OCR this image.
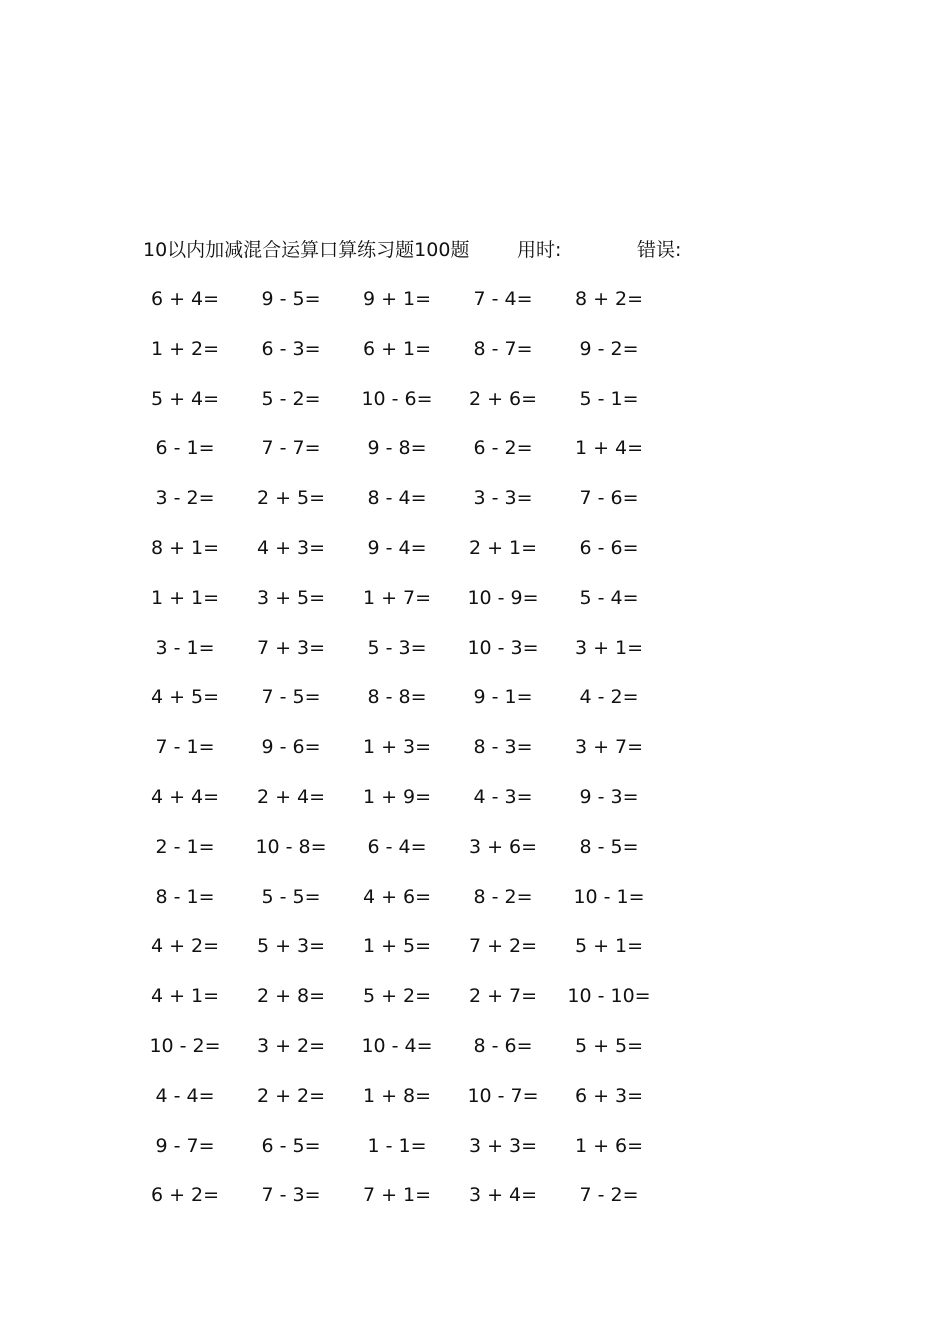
10以内加减混合运算口算练习题100题	用时:	错误:
6 + 4=	9 - 5=	9 + 1=	7 - 4=	8 + 2=
1 + 2=	6 - 3=	6 + 1=	8 - 7=	9 - 2=
5 + 4=	5 - 2=	10 - 6=	2 + 6=	5 - 1=
6 - 1=	7 - 7=	9 - 8=	6 - 2=	1 + 4=
3 - 2=	2 + 5=	8 - 4=	3 - 3=	7 - 6=
8 + 1=	4 + 3=	9 - 4=	2 + 1=	6 - 6=
1 + 1=	3 + 5=	1 + 7=	10 - 9=	5 - 4=
3 - 1=	7 + 3=	5 - 3=	10 - 3=	3 + 1=
4 + 5=	7 - 5=	8 - 8=	9 - 1=	4 - 2=
7 - 1=	9 - 6=	1 + 3=	8 - 3=	3 + 7=
4 + 4=	2 + 4=	1 + 9=	4 - 3=	9 - 3=
2 - 1=	10 - 8=	6 - 4=	3 + 6=	8 - 5=
8 - 1=	5 - 5=	4 + 6=	8 - 2=	10 - 1=
4 + 2=	5 + 3=	1 + 5=	7 + 2=	5 + 1=
4 + 1=	2 + 8=	5 + 2=	2 + 7=	10 - 10=
10 - 2=	3 + 2=	10 - 4=	8 - 6=	5 + 5=
4 - 4=	2 + 2=	1 + 8=	10 - 7=	6 + 3=
9 - 7=	6 - 5=	1 - 1=	3 + 3=	1 + 6=
6 + 2=	7 - 3=	7 + 1=	3 + 4=	7 - 2=
